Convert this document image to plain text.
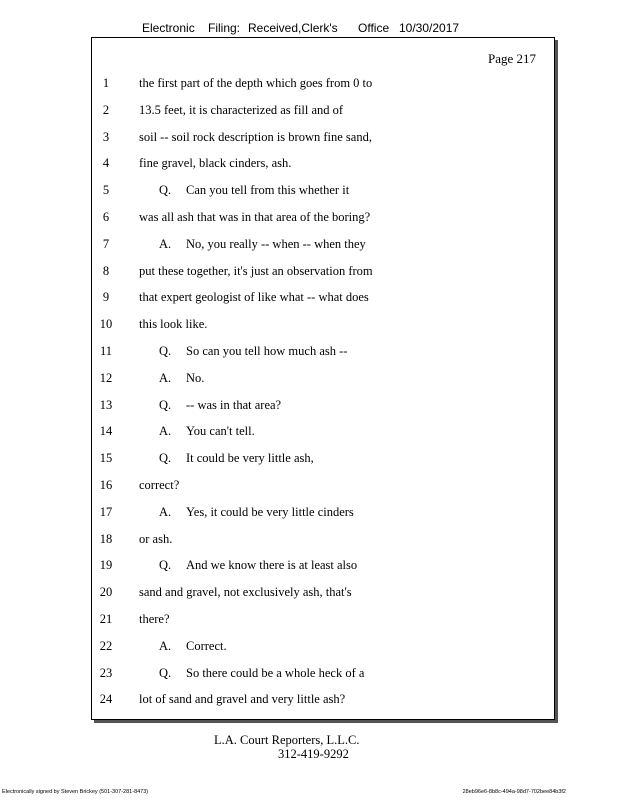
Electronic Filing: Received,Clerk's Office 10/30/2017
Page 217
1	the first part of the depth which goes from 0 to
2	13.5 feet, it is characterized as fill and of
3	soil -- soil rock description is brown fine sand,
4	fine gravel, black cinders, ash.
5	Q. Can you tell from this whether it
6	was all ash that was in that area of the boring?
7	A. No, you really -- when -- when they
8	put these together, it's just an observation from
9	that expert geologist of like what -- what does
10	this look like.
11	Q. So can you tell how much ash --
12	A. No.
13	Q. -- was in that area?
14	A. You can't tell.
15	Q. It could be very little ash,
16	correct?
17	A. Yes, it could be very little cinders
18	or ash.
19	Q. And we know there is at least also
20	sand and gravel, not exclusively ash, that's
21	there?
22	A. Correct.
23	Q. So there could be a whole heck of a
24	lot of sand and gravel and very little ash?
L.A. Court Reporters, L.L.C.
312-419-9292
Electronically signed by Steven Brickey (501-307-281-8473)	28eb96e6-8b8c-494a-98d7-702bee84b3f2
